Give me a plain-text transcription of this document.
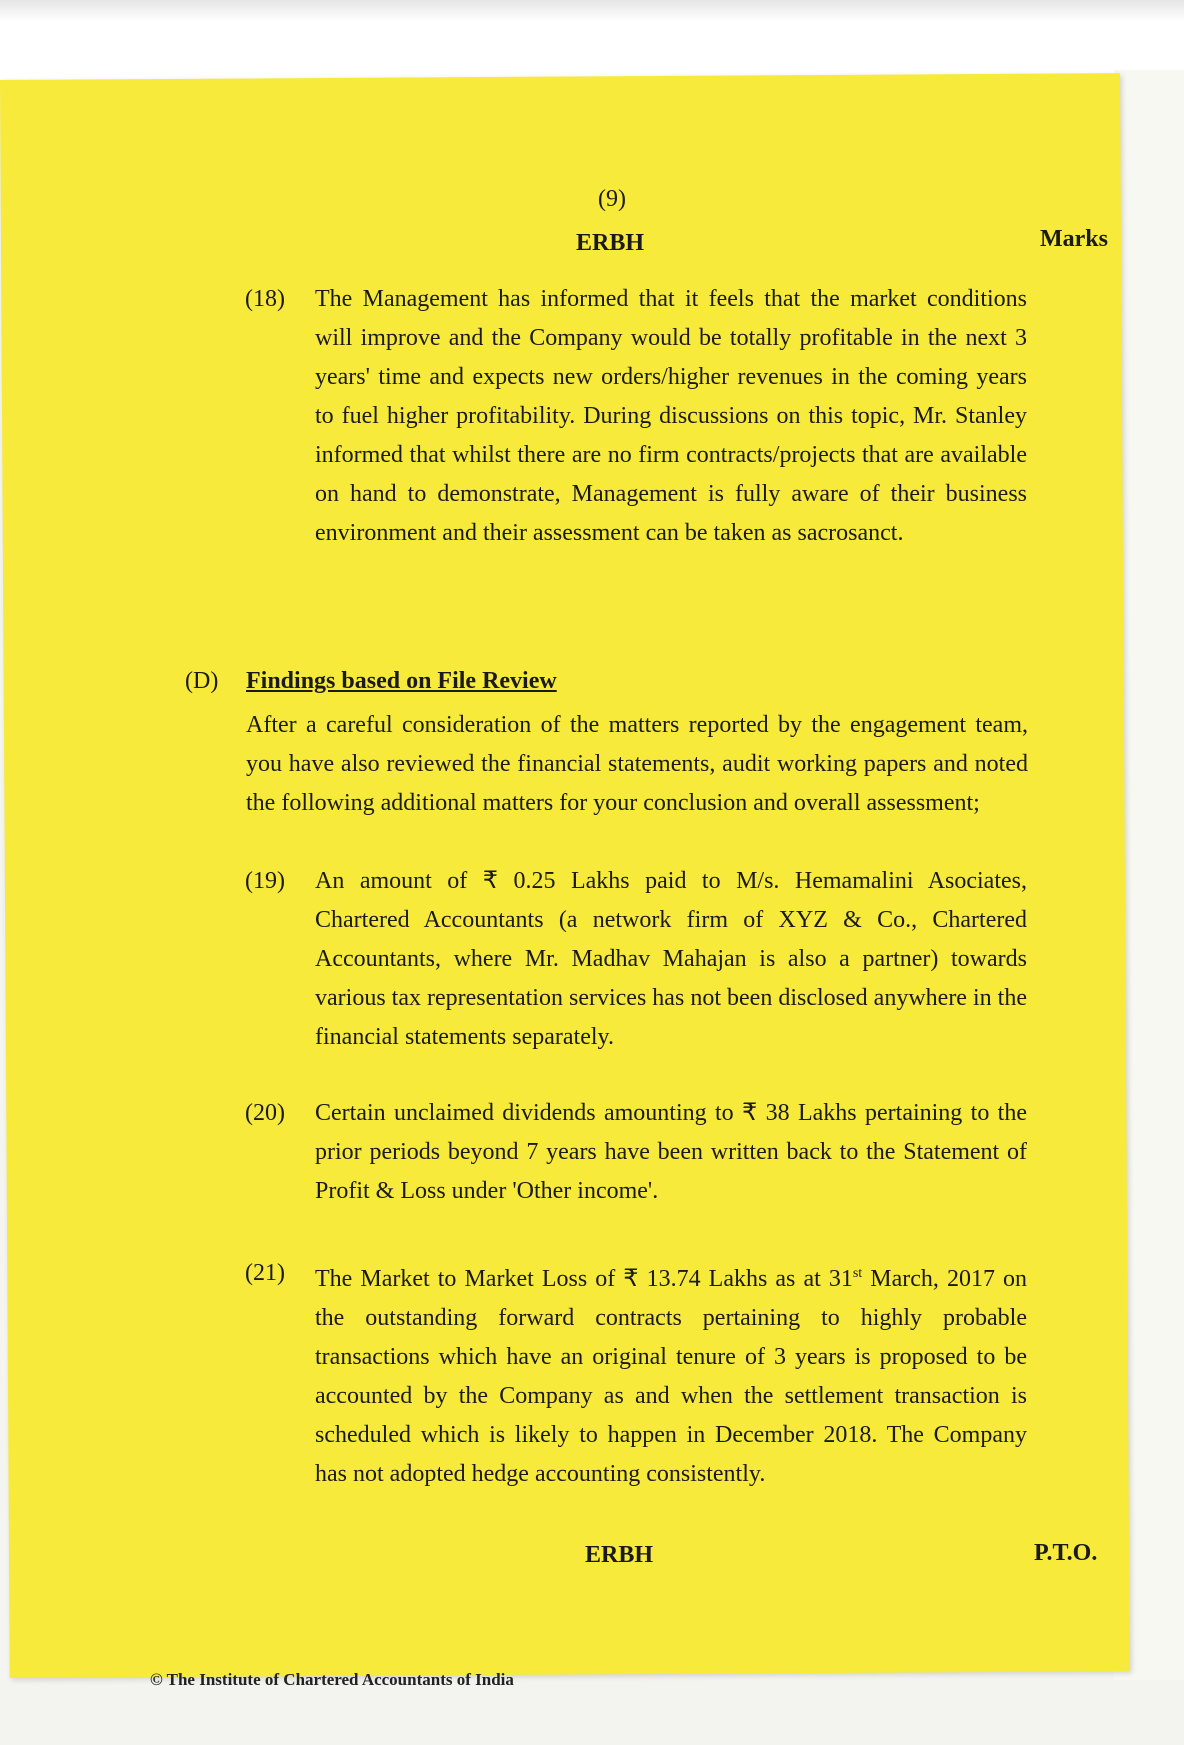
(9)
ERBH	Marks
(18) The Management has informed that it feels that the market conditions will improve and the Company would be totally profitable in the next 3 years' time and expects new orders/higher revenues in the coming years to fuel higher profitability. During discussions on this topic, Mr. Stanley informed that whilst there are no firm contracts/projects that are available on hand to demonstrate, Management is fully aware of their business environment and their assessment can be taken as sacrosanct.
(D) Findings based on File Review
After a careful consideration of the matters reported by the engagement team, you have also reviewed the financial statements, audit working papers and noted the following additional matters for your conclusion and overall assessment;
(19) An amount of ₹ 0.25 Lakhs paid to M/s. Hemamalini Asociates, Chartered Accountants (a network firm of XYZ & Co., Chartered Accountants, where Mr. Madhav Mahajan is also a partner) towards various tax representation services has not been disclosed anywhere in the financial statements separately.
(20) Certain unclaimed dividends amounting to ₹ 38 Lakhs pertaining to the prior periods beyond 7 years have been written back to the Statement of Profit & Loss under 'Other income'.
(21) The Market to Market Loss of ₹ 13.74 Lakhs as at 31st March, 2017 on the outstanding forward contracts pertaining to highly probable transactions which have an original tenure of 3 years is proposed to be accounted by the Company as and when the settlement transaction is scheduled which is likely to happen in December 2018. The Company has not adopted hedge accounting consistently.
ERBH	P.T.O.
© The Institute of Chartered Accountants of India
